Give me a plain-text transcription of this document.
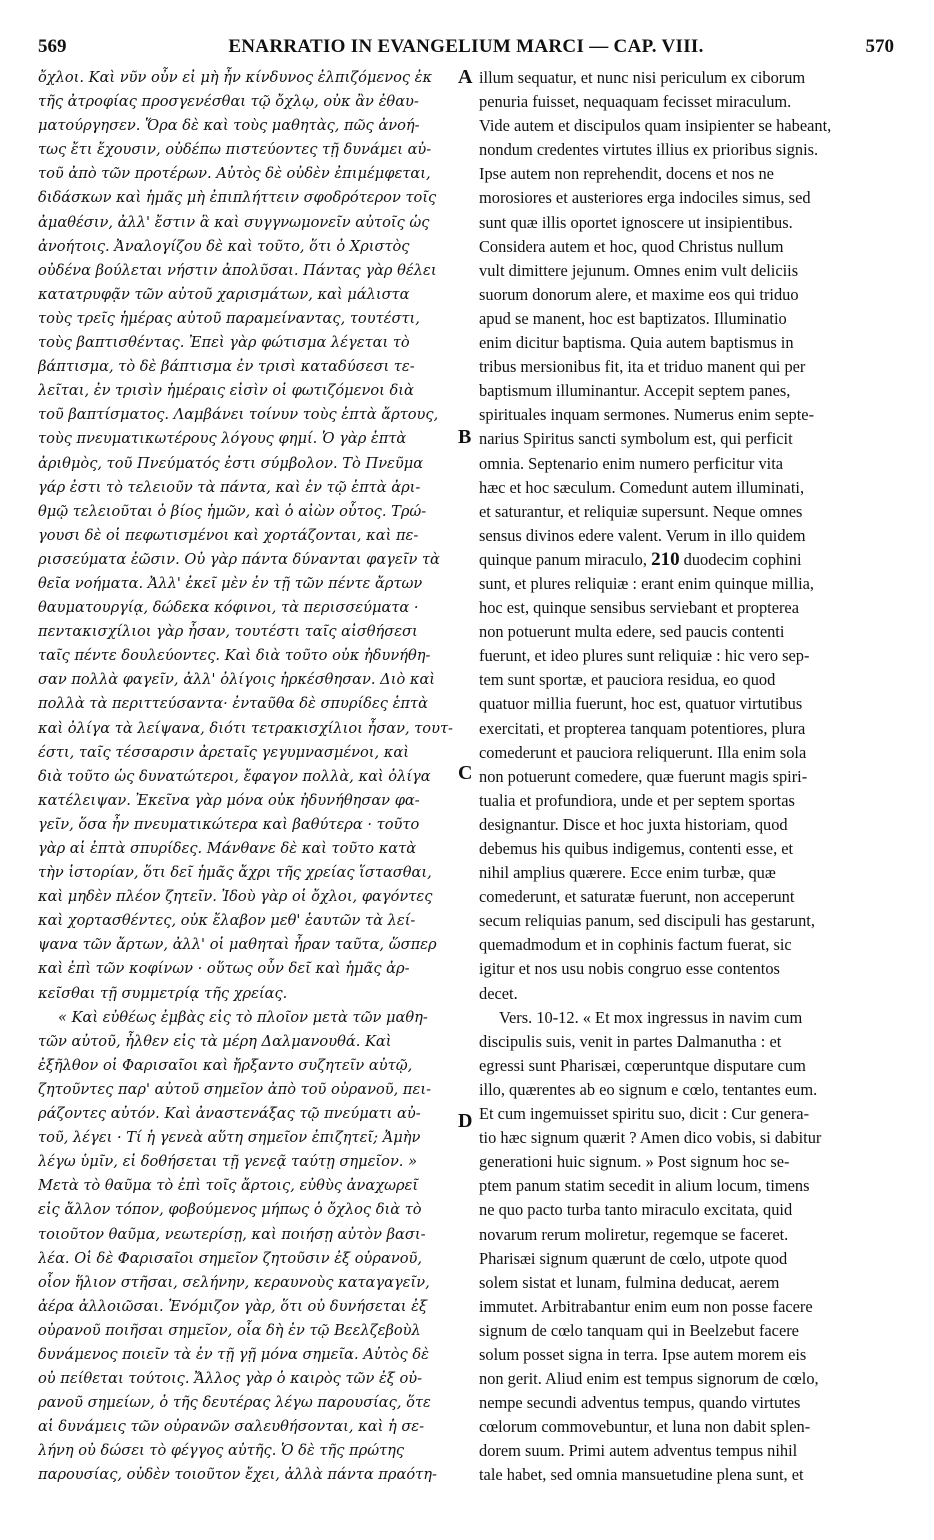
569	ENARRATIO IN EVANGELIUM MARCI — CAP. VIII.	570
ὄχλοι. Καὶ νῦν οὖν εἰ μὴ ἦν κίνδυνος ἐλπιζόμενος ἐκ
τῆς ἀτροφίας προσγενέσθαι τῷ ὄχλῳ, οὐκ ἂν ἐθαυ-
ματούργησεν. Ὅρα δὲ καὶ τοὺς μαθητὰς, πῶς ἀνοή-
τως ἔτι ἔχουσιν, οὐδέπω πιστεύοντες τῇ δυνάμει αὐ-
τοῦ ἀπὸ τῶν προτέρων. Αὐτὸς δὲ οὐδὲν ἐπιμέμφεται,
διδάσκων καὶ ἡμᾶς μὴ ἐπιπλήττειν σφοδρότερον τοῖς
ἀμαθέσιν, ἀλλ' ἔστιν ἃ καὶ συγγνωμονεῖν αὐτοῖς ὡς
ἀνοήτοις. Ἀναλογίζου δὲ καὶ τοῦτο, ὅτι ὁ Χριστὸς
οὐδένα βούλεται νήστιν ἀπολῦσαι. Πάντας γὰρ θέλει
κατατρυφᾷν τῶν αὐτοῦ χαρισμάτων, καὶ μάλιστα
τοὺς τρεῖς ἡμέρας αὐτοῦ παραμείναντας, τουτέστι,
τοὺς βαπτισθέντας. Ἐπεὶ γὰρ φώτισμα λέγεται τὸ
βάπτισμα, τὸ δὲ βάπτισμα ἐν τρισὶ καταδύσεσι τε-
λεῖται, ἐν τρισὶν ἡμέραις εἰσὶν οἱ φωτιζόμενοι διὰ
τοῦ βαπτίσματος. Λαμβάνει τοίνυν τοὺς ἑπτὰ ἄρτους,
τοὺς πνευματικωτέρους λόγους φημί. Ὁ γὰρ ἑπτὰ
ἀριθμὸς, τοῦ Πνεύματός ἐστι σύμβολον. Τὸ Πνεῦμα
γάρ ἐστι τὸ τελειοῦν τὰ πάντα, καὶ ἐν τῷ ἑπτὰ ἀρι-
θμῷ τελειοῦται ὁ βίος ἡμῶν, καὶ ὁ αἰὼν οὗτος. Τρώ-
γουσι δὲ οἱ πεφωτισμένοι καὶ χορτάζονται, καὶ πε-
ρισσεύματα ἐῶσιν. Οὐ γὰρ πάντα δύνανται φαγεῖν τὰ
θεῖα νοήματα. Ἀλλ' ἐκεῖ μὲν ἐν τῇ τῶν πέντε ἄρτων
θαυματουργίᾳ, δώδεκα κόφινοι, τὰ περισσεύματα ·
πεντακισχίλιοι γὰρ ἦσαν, τουτέστι ταῖς αἰσθήσεσι
ταῖς πέντε δουλεύοντες. Καὶ διὰ τοῦτο οὐκ ἠδυνήθη-
σαν πολλὰ φαγεῖν, ἀλλ' ὀλίγοις ἠρκέσθησαν. Διὸ καὶ
πολλὰ τὰ περιττεύσαντα· ἐνταῦθα δὲ σπυρίδες ἑπτὰ
καὶ ὀλίγα τὰ λείψανα, διότι τετρακισχίλιοι ἦσαν, τουτ-
έστι, ταῖς τέσσαρσιν ἀρεταῖς γεγυμνασμένοι, καὶ
διὰ τοῦτο ὡς δυνατώτεροι, ἔφαγον πολλὰ, καὶ ὀλίγα
κατέλειψαν. Ἐκεῖνα γὰρ μόνα οὐκ ἠδυνήθησαν φα-
γεῖν, ὅσα ἦν πνευματικώτερα καὶ βαθύτερα · τοῦτο
γὰρ αἱ ἑπτὰ σπυρίδες. Μάνθανε δὲ καὶ τοῦτο κατὰ
τὴν ἱστορίαν, ὅτι δεῖ ἡμᾶς ἄχρι τῆς χρείας ἵστασθαι,
καὶ μηδὲν πλέον ζητεῖν. Ἰδοὺ γὰρ οἱ ὄχλοι, φαγόντες
καὶ χορτασθέντες, οὐκ ἔλαβον μεθ' ἑαυτῶν τὰ λεί-
ψανα τῶν ἄρτων, ἀλλ' οἱ μαθηταὶ ἦραν ταῦτα, ὥσπερ
καὶ ἐπὶ τῶν κοφίνων · οὕτως οὖν δεῖ καὶ ἡμᾶς ἀρ-
κεῖσθαι τῇ συμμετρίᾳ τῆς χρείας.
« Καὶ εὐθέως ἐμβὰς εἰς τὸ πλοῖον μετὰ τῶν μαθη-
τῶν αὐτοῦ, ἦλθεν εἰς τὰ μέρη Δαλμανουθά. Καὶ
ἐξῆλθον οἱ Φαρισαῖοι καὶ ἤρξαντο συζητεῖν αὐτῷ,
ζητοῦντες παρ' αὐτοῦ σημεῖον ἀπὸ τοῦ οὐρανοῦ, πει-
ράζοντες αὐτόν. Καὶ ἀναστενάξας τῷ πνεύματι αὐ-
τοῦ, λέγει · Τί ἡ γενεὰ αὕτη σημεῖον ἐπιζητεῖ; Ἀμὴν
λέγω ὑμῖν, εἰ δοθήσεται τῇ γενεᾷ ταύτῃ σημεῖον. »
Μετὰ τὸ θαῦμα τὸ ἐπὶ τοῖς ἄρτοις, εὐθὺς ἀναχωρεῖ
εἰς ἄλλον τόπον, φοβούμενος μήπως ὁ ὄχλος διὰ τὸ
τοιοῦτον θαῦμα, νεωτερίσῃ, καὶ ποιήσῃ αὐτὸν βασι-
λέα. Οἱ δὲ Φαρισαῖοι σημεῖον ζητοῦσιν ἐξ οὐρανοῦ,
οἷον ἥλιον στῆσαι, σελήνην, κεραυνοὺς καταγαγεῖν,
ἀέρα ἀλλοιῶσαι. Ἐνόμιζον γὰρ, ὅτι οὐ δυνήσεται ἐξ
οὐρανοῦ ποιῆσαι σημεῖον, οἷα δὴ ἐν τῷ Βεελζεβοὺλ
δυνάμενος ποιεῖν τὰ ἐν τῇ γῇ μόνα σημεῖα. Αὐτὸς δὲ
οὐ πείθεται τούτοις. Ἄλλος γὰρ ὁ καιρὸς τῶν ἐξ οὐ-
ρανοῦ σημείων, ὁ τῆς δευτέρας λέγω παρουσίας, ὅτε
αἱ δυνάμεις τῶν οὐρανῶν σαλευθήσονται, καὶ ἡ σε-
λήνη οὐ δώσει τὸ φέγγος αὐτῆς. Ὁ δὲ τῆς πρώτης
παρουσίας, οὐδὲν τοιοῦτον ἔχει, ἀλλὰ πάντα πραότη-
illum sequatur, et nunc nisi periculum ex ciborum
penuria fuisset, nequaquam fecisset miraculum.
Vide autem et discipulos quam insipienter se habeant,
nondum credentes virtutes illius ex prioribus signis.
Ipse autem non reprehendit, docens et nos ne
morosiores et austeriores erga indociles simus, sed
sunt quæ illis oportet ignoscere ut insipientibus.
Considera autem et hoc, quod Christus nullum
vult dimittere jejunum. Omnes enim vult deliciis
suorum donorum alere, et maxime eos qui triduo
apud se manent, hoc est baptizatos. Illuminatio
enim dicitur baptisma. Quia autem baptismus in
tribus mersionibus fit, ita et triduo manent qui per
baptismum illuminantur. Accepit septem panes,
spirituales inquam sermones. Numerus enim septe-
narius Spiritus sancti symbolum est, qui perficit
omnia. Septenario enim numero perficitur vita
hæc et hoc sæculum. Comedunt autem illuminati,
et saturantur, et reliquiæ supersunt. Neque omnes
sensus divinos edere valent. Verum in illo quidem
quinque panum miraculo, 210 duodecim cophini
sunt, et plures reliquiæ : erant enim quinque millia,
hoc est, quinque sensibus serviebant et propterea
non potuerunt multa edere, sed paucis contenti
fuerunt, et ideo plures sunt reliquiæ : hic vero sep-
tem sunt sportæ, et pauciora residua, eo quod
quatuor millia fuerunt, hoc est, quatuor virtutibus
exercitati, et propterea tanquam potentiores, plura
comederunt et pauciora reliquerunt. Illa enim sola
non potuerunt comedere, quæ fuerunt magis spiri-
tualia et profundiora, unde et per septem sportas
designantur. Disce et hoc juxta historiam, quod
debemus his quibus indigemus, contenti esse, et
nihil amplius quærere. Ecce enim turbæ, quæ
comederunt, et saturatæ fuerunt, non acceperunt
secum reliquias panum, sed discipuli has gestarunt,
quemadmodum et in cophinis factum fuerat, sic
igitur et nos usu nobis congruo esse contentos
decet.
Vers. 10-12. « Et mox ingressus in navim cum
discipulis suis, venit in partes Dalmanutha : et
egressi sunt Pharisæi, cœperuntque disputare cum
illo, quærentes ab eo signum e cœlo, tentantes eum.
Et cum ingemuisset spiritu suo, dicit : Cur genera-
tio hæc signum quærit ? Amen dico vobis, si dabitur
generationi huic signum. » Post signum hoc se-
ptem panum statim secedit in alium locum, timens
ne quo pacto turba tanto miraculo excitata, quid
novarum rerum moliretur, regemque se faceret.
Pharisæi signum quærunt de cœlo, utpote quod
solem sistat et lunam, fulmina deducat, aerem
immutet. Arbitrabantur enim eum non posse facere
signum de cœlo tanquam qui in Beelzebut facere
solum posset signa in terra. Ipse autem morem eis
non gerit. Aliud enim est tempus signorum de cœlo,
nempe secundi adventus tempus, quando virtutes
cœlorum commovebuntur, et luna non dabit splen-
dorem suum. Primi autem adventus tempus nihil
tale habet, sed omnia mansuetudine plena sunt, et
A
B
C
D
